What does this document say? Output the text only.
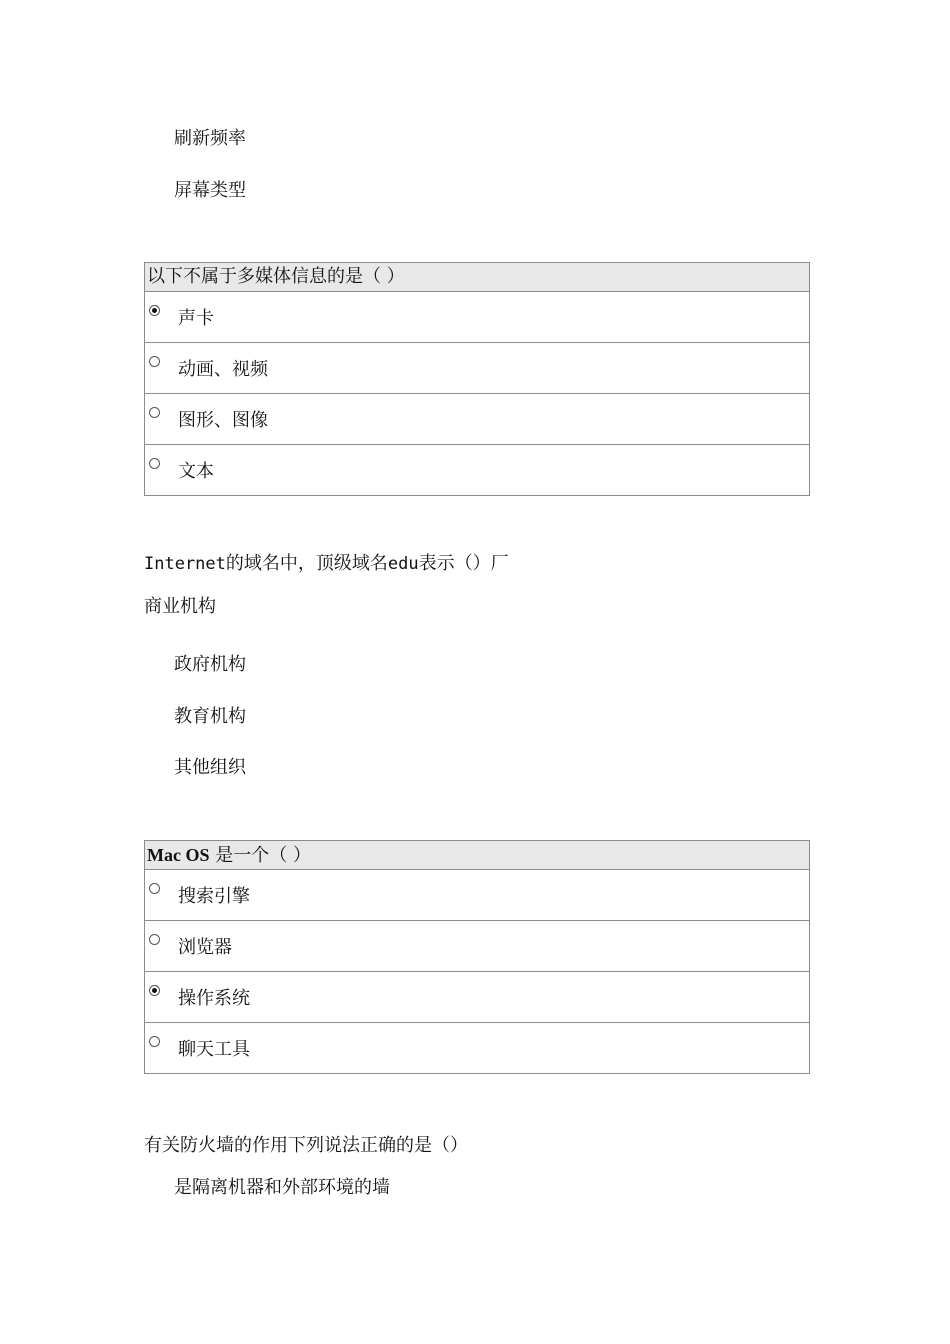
刷新频率
屏幕类型
以下不属于多媒体信息的是（ ）
声卡
动画、视频
图形、图像
文本
Internet的域名中，顶级域名edu表示（）厂
商业机构
政府机构
教育机构
其他组织
Mac OS 是一个（ ）
搜索引擎
浏览器
操作系统
聊天工具
有关防火墙的作用下列说法正确的是（）
是隔离机器和外部环境的墙
